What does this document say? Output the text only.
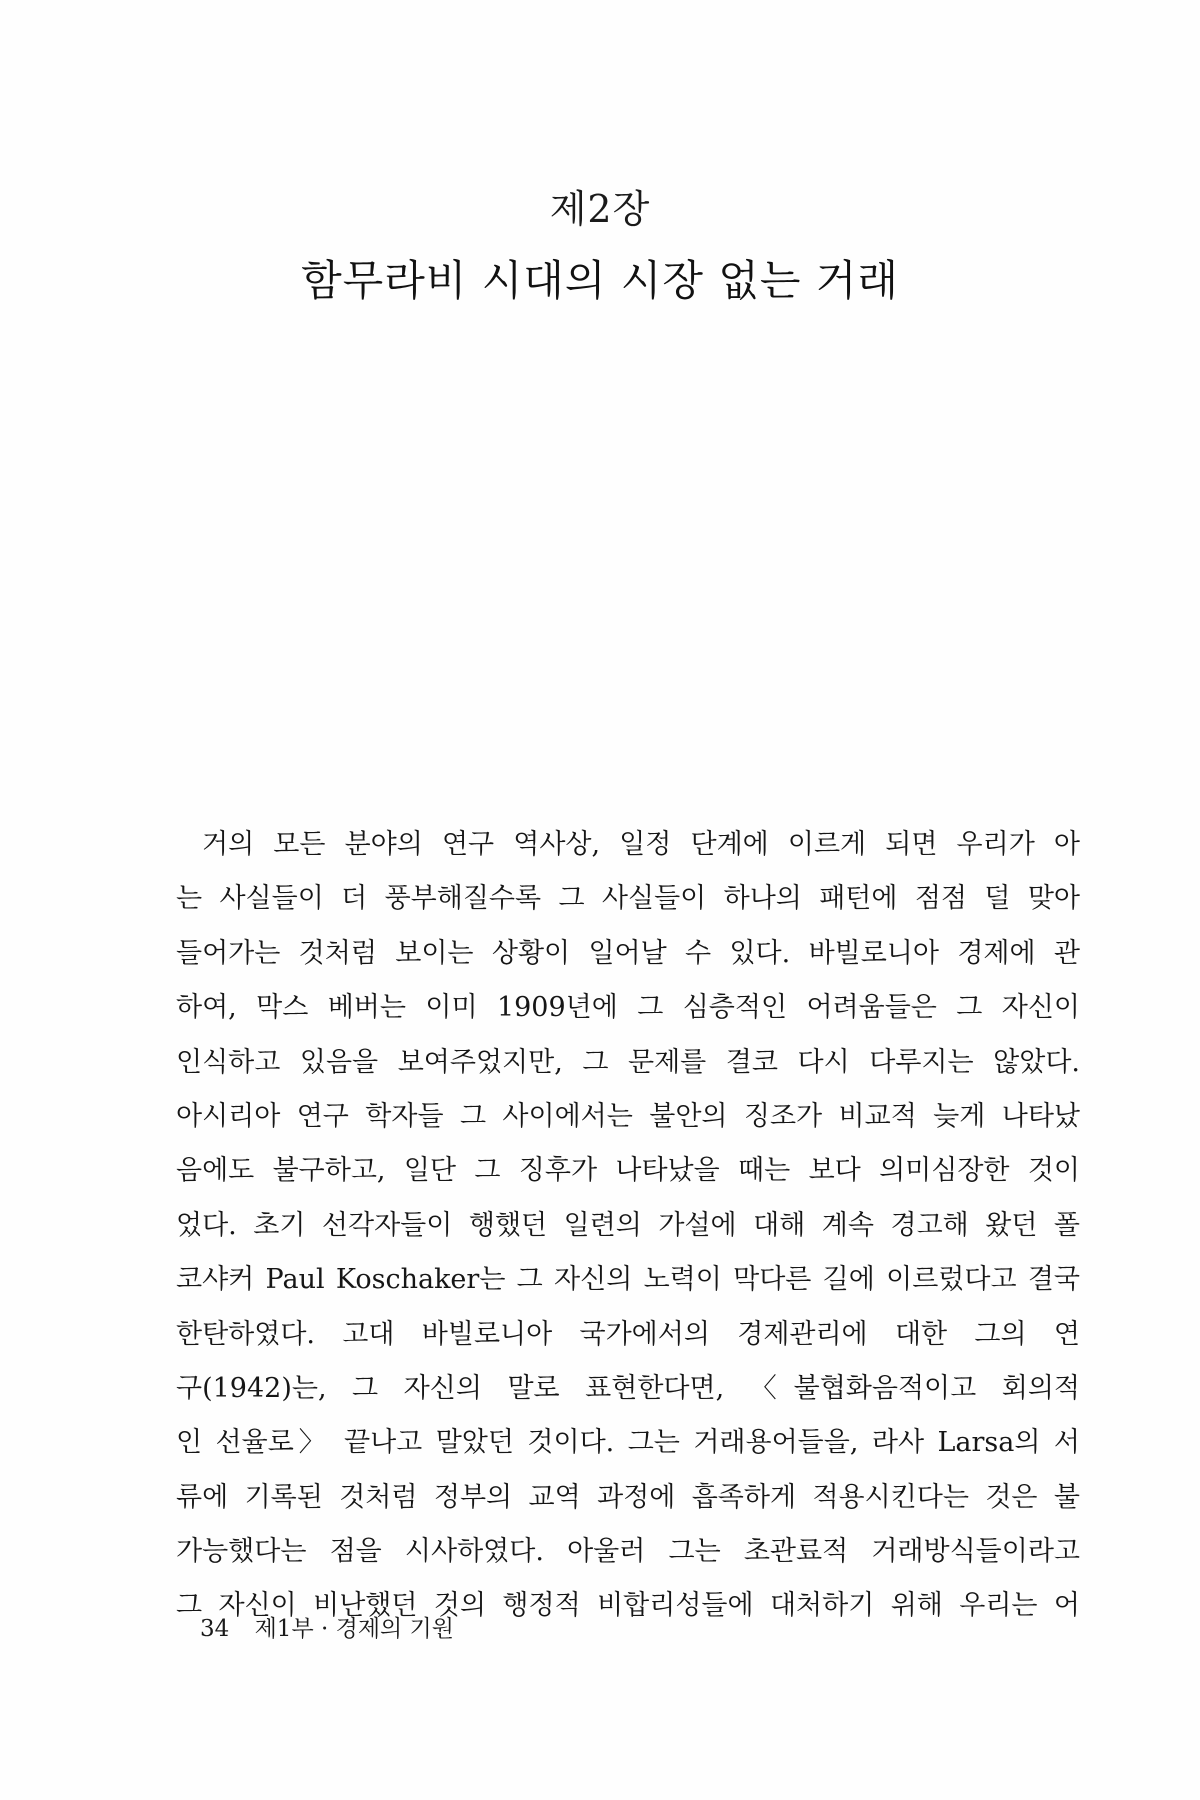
제2장
함무라비 시대의 시장 없는 거래
거의 모든 분야의 연구 역사상, 일정 단계에 이르게 되면 우리가 아
는 사실들이 더 풍부해질수록 그 사실들이 하나의 패턴에 점점 덜 맞아
들어가는 것처럼 보이는 상황이 일어날 수 있다. 바빌로니아 경제에 관
하여, 막스 베버는 이미 1909년에 그 심층적인 어려움들은 그 자신이
인식하고 있음을 보여주었지만, 그 문제를 결코 다시 다루지는 않았다.
아시리아 연구 학자들 그 사이에서는 불안의 징조가 비교적 늦게 나타났
음에도 불구하고, 일단 그 징후가 나타났을 때는 보다 의미심장한 것이
었다. 초기 선각자들이 행했던 일련의 가설에 대해 계속 경고해 왔던 폴
코샤커 Paul Koschaker는 그 자신의 노력이 막다른 길에 이르렀다고 결국
한탄하였다. 고대 바빌로니아 국가에서의 경제관리에 대한 그의 연
구(1942)는, 그 자신의 말로 표현한다면, 〈불협화음적이고 회의적
인 선율로〉 끝나고 말았던 것이다. 그는 거래용어들을, 라사 Larsa의 서
류에 기록된 것처럼 정부의 교역 과정에 흡족하게 적용시킨다는 것은 불
가능했다는 점을 시사하였다. 아울러 그는 초관료적 거래방식들이라고
그 자신이 비난했던 것의 행정적 비합리성들에 대처하기 위해 우리는 어
34 제1부 · 경제의 기원
